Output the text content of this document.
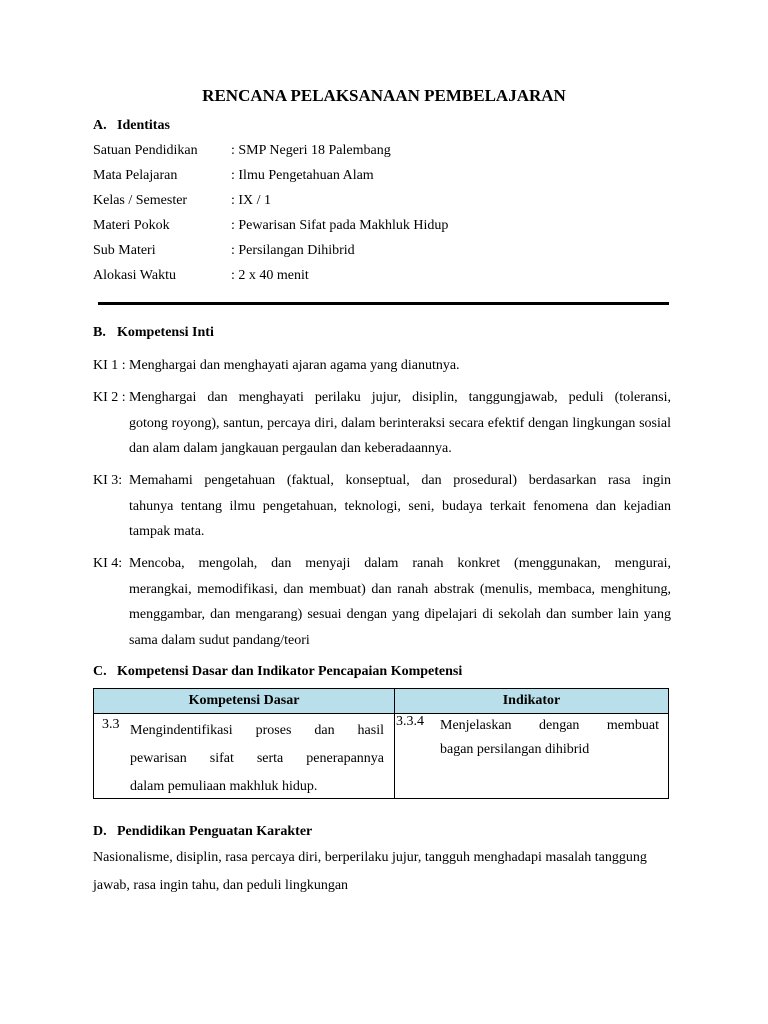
RENCANA PELAKSANAAN PEMBELAJARAN
A. Identitas
Satuan Pendidikan : SMP Negeri 18 Palembang
Mata Pelajaran	: Ilmu Pengetahuan Alam
Kelas / Semester	: IX / 1
Materi Pokok	: Pewarisan Sifat pada Makhluk Hidup
Sub Materi	: Persilangan Dihibrid
Alokasi Waktu	: 2 x 40 menit
B. Kompetensi Inti
KI 1 : Menghargai dan menghayati ajaran agama yang dianutnya.
KI 2 : Menghargai dan menghayati perilaku jujur, disiplin, tanggungjawab, peduli (toleransi,
gotong royong), santun, percaya diri, dalam berinteraksi secara efektif dengan lingkungan sosial dan alam dalam jangkauan pergaulan dan keberadaannya.
KI 3: Memahami pengetahuan (faktual, konseptual, dan prosedural) berdasarkan rasa ingin
tahunya tentang ilmu pengetahuan, teknologi, seni, budaya terkait fenomena dan kejadian tampak mata.
KI 4: Mencoba, mengolah, dan menyaji dalam ranah konkret (menggunakan, mengurai,
merangkai, memodifikasi, dan membuat) dan ranah abstrak (menulis, membaca, menghitung, menggambar, dan mengarang) sesuai dengan yang dipelajari di sekolah dan sumber lain yang sama dalam sudut pandang/teori
C. Kompetensi Dasar dan Indikator Pencapaian Kompetensi
Kompetensi Dasar	Indikator

3.3 Mengindentifikasi proses dan hasil
pewarisan sifat serta penerapannya
dalam pemuliaan makhluk hidup.	3.3.4 Menjelaskan dengan membuat
bagan persilangan dihibrid
D. Pendidikan Penguatan Karakter
Nasionalisme, disiplin, rasa percaya diri, berperilaku jujur, tangguh menghadapi masalah tanggung jawab, rasa ingin tahu, dan peduli lingkungan
